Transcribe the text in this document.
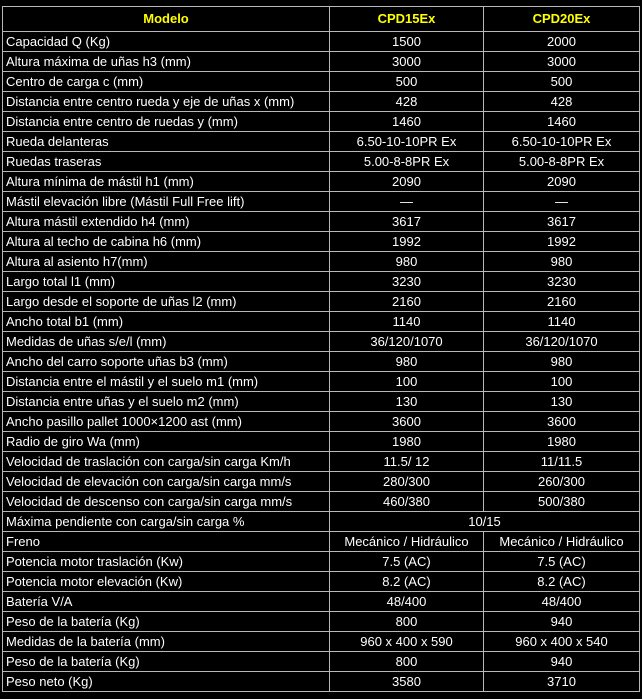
Modelo	CPD15Ex	CPD20Ex
Capacidad Q (Kg)	1500	2000
Altura máxima de uñas h3 (mm)	3000	3000
Centro de carga c (mm)	500	500
Distancia entre centro rueda y eje de uñas x (mm)	428	428
Distancia entre centro de ruedas y (mm)	1460	1460
Rueda delanteras	6.50-10-10PR Ex	6.50-10-10PR Ex
Ruedas traseras	5.00-8-8PR Ex	5.00-8-8PR Ex
Altura mínima de mástil h1 (mm)	2090	2090
Mástil elevación libre (Mástil Full Free lift)	—	—
Altura mástil extendido h4 (mm)	3617	3617
Altura al techo de cabina h6 (mm)	1992	1992
Altura al asiento h7(mm)	980	980
Largo total l1 (mm)	3230	3230
Largo desde el soporte de uñas l2 (mm)	2160	2160
Ancho total b1 (mm)	1140	1140
Medidas de uñas s/e/l (mm)	36/120/1070	36/120/1070
Ancho del carro soporte uñas b3 (mm)	980	980
Distancia entre el mástil y el suelo m1 (mm)	100	100
Distancia entre uñas y el suelo m2 (mm)	130	130
Ancho pasillo pallet 1000×1200 ast (mm)	3600	3600
Radio de giro Wa (mm)	1980	1980
Velocidad de traslación con carga/sin carga Km/h	11.5/ 12	11/11.5
Velocidad de elevación con carga/sin carga mm/s	280/300	260/300
Velocidad de descenso con carga/sin carga mm/s	460/380	500/380
Máxima pendiente con carga/sin carga %	10/15	
Freno	Mecánico / Hidráulico	Mecánico / Hidráulico
Potencia motor traslación (Kw)	7.5 (AC)	7.5 (AC)
Potencia motor elevación (Kw)	8.2 (AC)	8.2 (AC)
Batería V/A	48/400	48/400
Peso de la batería (Kg)	800	940
Medidas de la batería (mm)	960 x 400 x 590	960 x 400 x 540
Peso de la batería (Kg)	800	940
Peso neto (Kg)	3580	3710
